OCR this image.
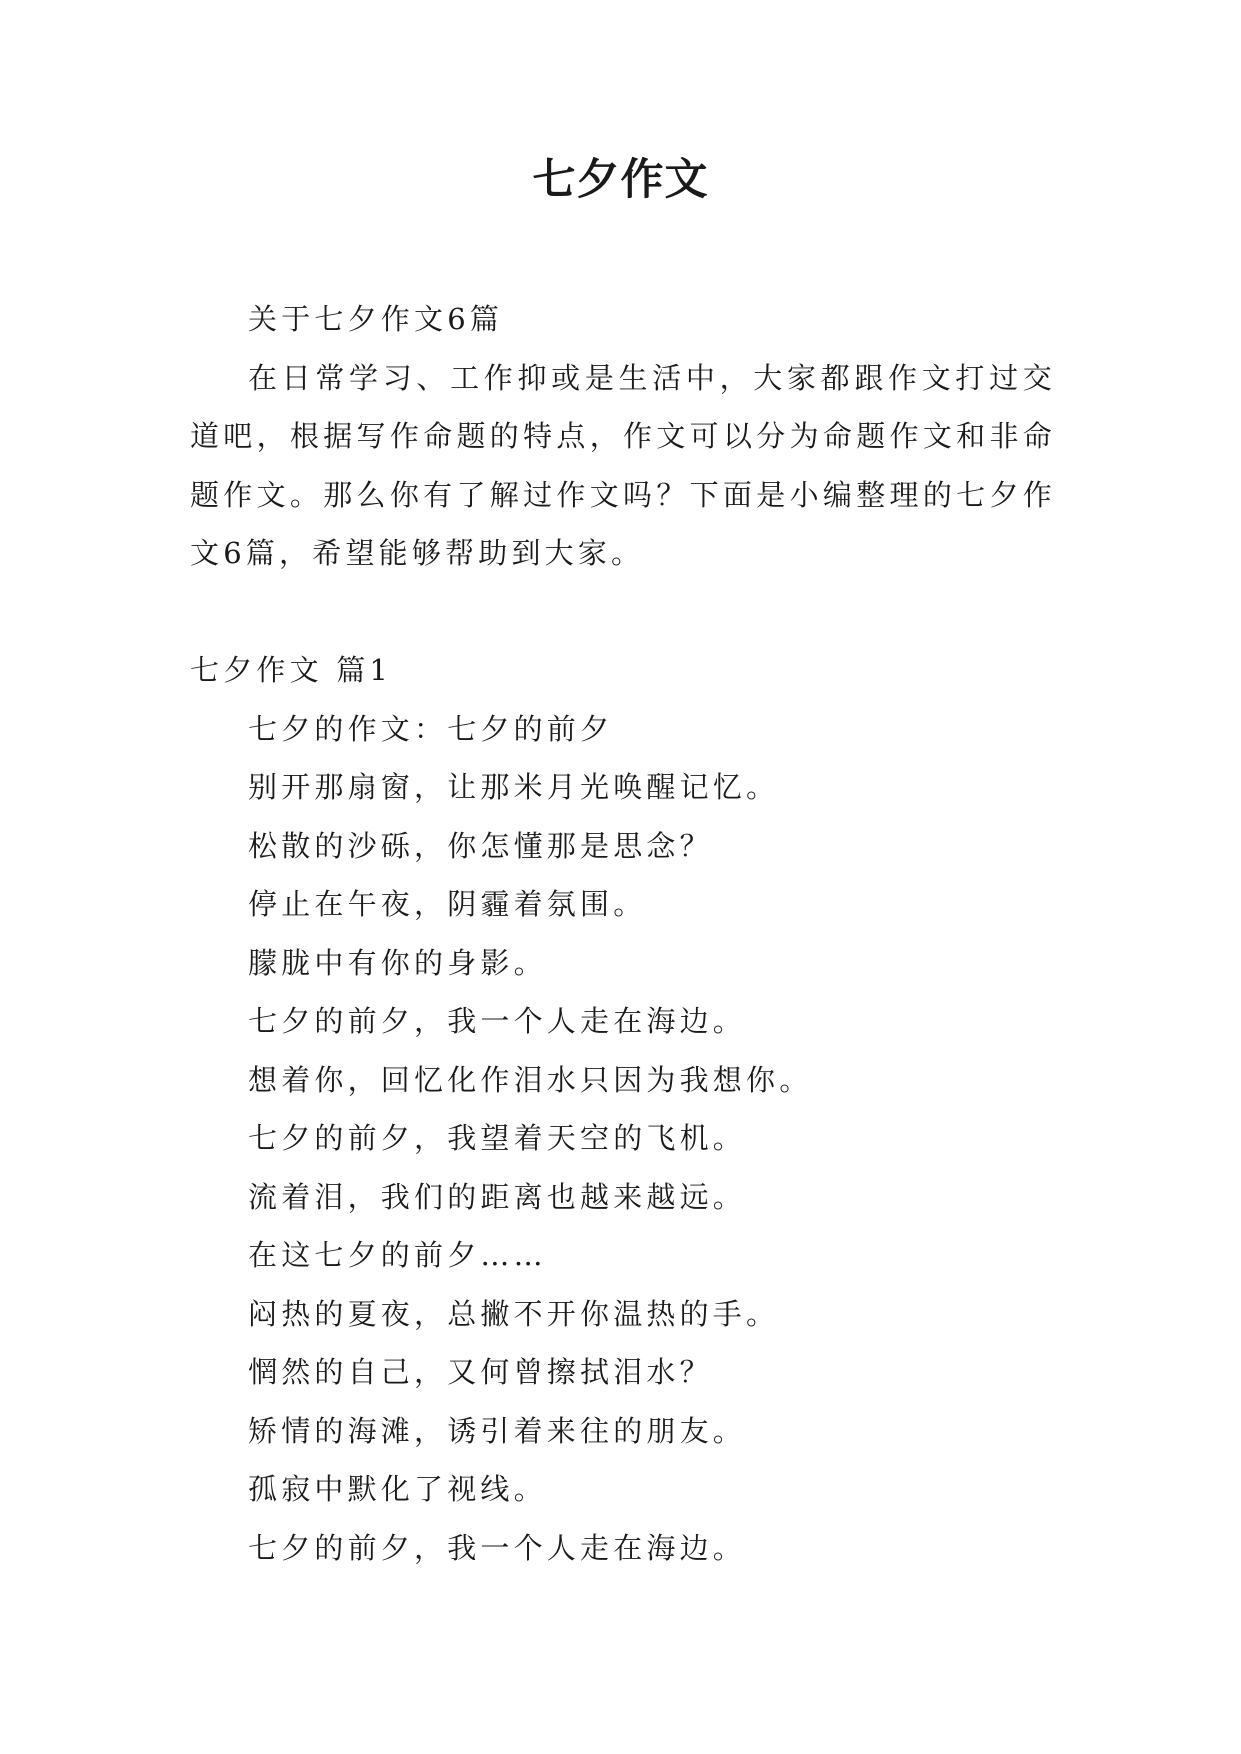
七夕作文

关于七夕作文6篇

在日常学习、工作抑或是生活中，大家都跟作文打过交道吧，根据写作命题的特点，作文可以分为命题作文和非命题作文。那么你有了解过作文吗？下面是小编整理的七夕作文6篇，希望能够帮助到大家。

七夕作文 篇1

七夕的作文：七夕的前夕

别开那扇窗，让那米月光唤醒记忆。

松散的沙砾，你怎懂那是思念？

停止在午夜，阴霾着氛围。

朦胧中有你的身影。

七夕的前夕，我一个人走在海边。

想着你，回忆化作泪水只因为我想你。

七夕的前夕，我望着天空的飞机。

流着泪，我们的距离也越来越远。

在这七夕的前夕……

闷热的夏夜，总撇不开你温热的手。

惘然的自己，又何曾擦拭泪水？

矫情的海滩，诱引着来往的朋友。

孤寂中默化了视线。

七夕的前夕，我一个人走在海边。
